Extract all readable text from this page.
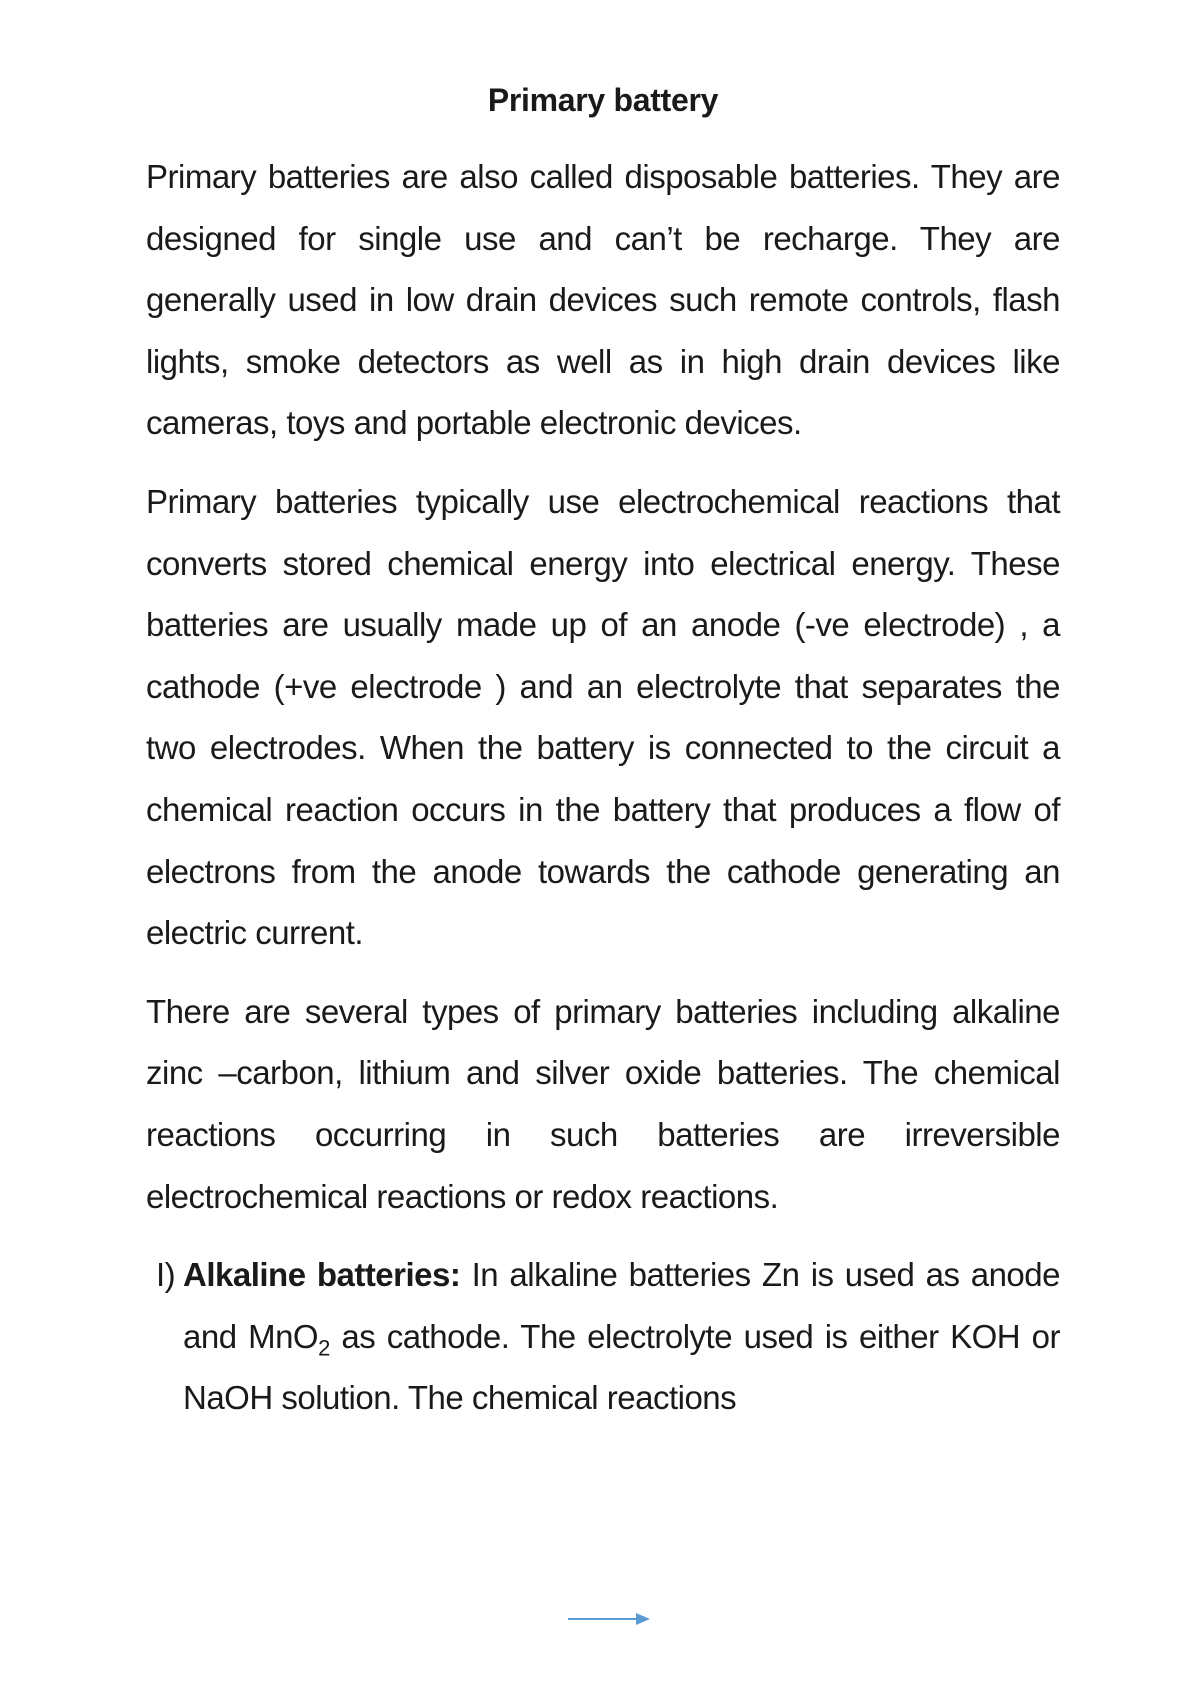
Primary battery

Primary batteries are also called disposable batteries. They are designed for single use and can’t be recharge. They are generally used in low drain devices such remote controls, flash lights, smoke detectors as well as in high drain devices like cameras, toys and portable electronic devices.

Primary batteries typically use electrochemical reactions that converts stored chemical energy into electrical energy. These batteries are usually made up of an anode (-ve electrode) , a cathode (+ve electrode ) and an electrolyte that separates the two electrodes. When the battery is connected to the circuit a chemical reaction occurs in the battery that produces a flow of electrons from the anode towards the cathode generating an electric current.

There are several types of primary batteries including alkaline zinc –carbon, lithium and silver oxide batteries. The chemical reactions occurring in such batteries are irreversible electrochemical reactions or redox reactions.

I) Alkaline batteries: In alkaline batteries Zn is used as anode and MnO$_2$ as cathode. The electrolyte used is either KOH or NaOH solution. The chemical reactions
